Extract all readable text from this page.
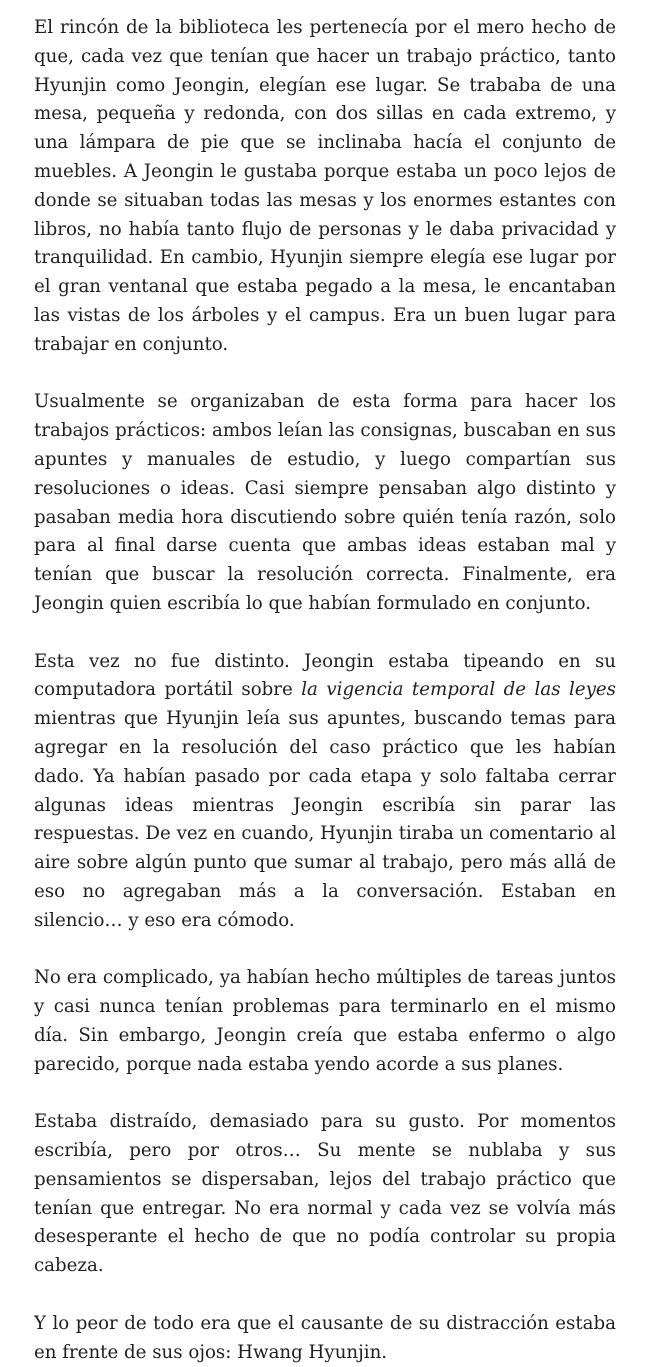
El rincón de la biblioteca les pertenecía por el mero hecho de que, cada vez que tenían que hacer un trabajo práctico, tanto Hyunjin como Jeongin, elegían ese lugar. Se trababa de una mesa, pequeña y redonda, con dos sillas en cada extremo, y una lámpara de pie que se inclinaba hacía el conjunto de muebles. A Jeongin le gustaba porque estaba un poco lejos de donde se situaban todas las mesas y los enormes estantes con libros, no había tanto flujo de personas y le daba privacidad y tranquilidad. En cambio, Hyunjin siempre elegía ese lugar por el gran ventanal que estaba pegado a la mesa, le encantaban las vistas de los árboles y el campus. Era un buen lugar para trabajar en conjunto.

Usualmente se organizaban de esta forma para hacer los trabajos prácticos: ambos leían las consignas, buscaban en sus apuntes y manuales de estudio, y luego compartían sus resoluciones o ideas. Casi siempre pensaban algo distinto y pasaban media hora discutiendo sobre quién tenía razón, solo para al final darse cuenta que ambas ideas estaban mal y tenían que buscar la resolución correcta. Finalmente, era Jeongin quien escribía lo que habían formulado en conjunto.

Esta vez no fue distinto. Jeongin estaba tipeando en su computadora portátil sobre la vigencia temporal de las leyes mientras que Hyunjin leía sus apuntes, buscando temas para agregar en la resolución del caso práctico que les habían dado. Ya habían pasado por cada etapa y solo faltaba cerrar algunas ideas mientras Jeongin escribía sin parar las respuestas. De vez en cuando, Hyunjin tiraba un comentario al aire sobre algún punto que sumar al trabajo, pero más allá de eso no agregaban más a la conversación. Estaban en silencio… y eso era cómodo.

No era complicado, ya habían hecho múltiples de tareas juntos y casi nunca tenían problemas para terminarlo en el mismo día. Sin embargo, Jeongin creía que estaba enfermo o algo parecido, porque nada estaba yendo acorde a sus planes.

Estaba distraído, demasiado para su gusto. Por momentos escribía, pero por otros… Su mente se nublaba y sus pensamientos se dispersaban, lejos del trabajo práctico que tenían que entregar. No era normal y cada vez se volvía más desesperante el hecho de que no podía controlar su propia cabeza.

Y lo peor de todo era que el causante de su distracción estaba en frente de sus ojos: Hwang Hyunjin.
